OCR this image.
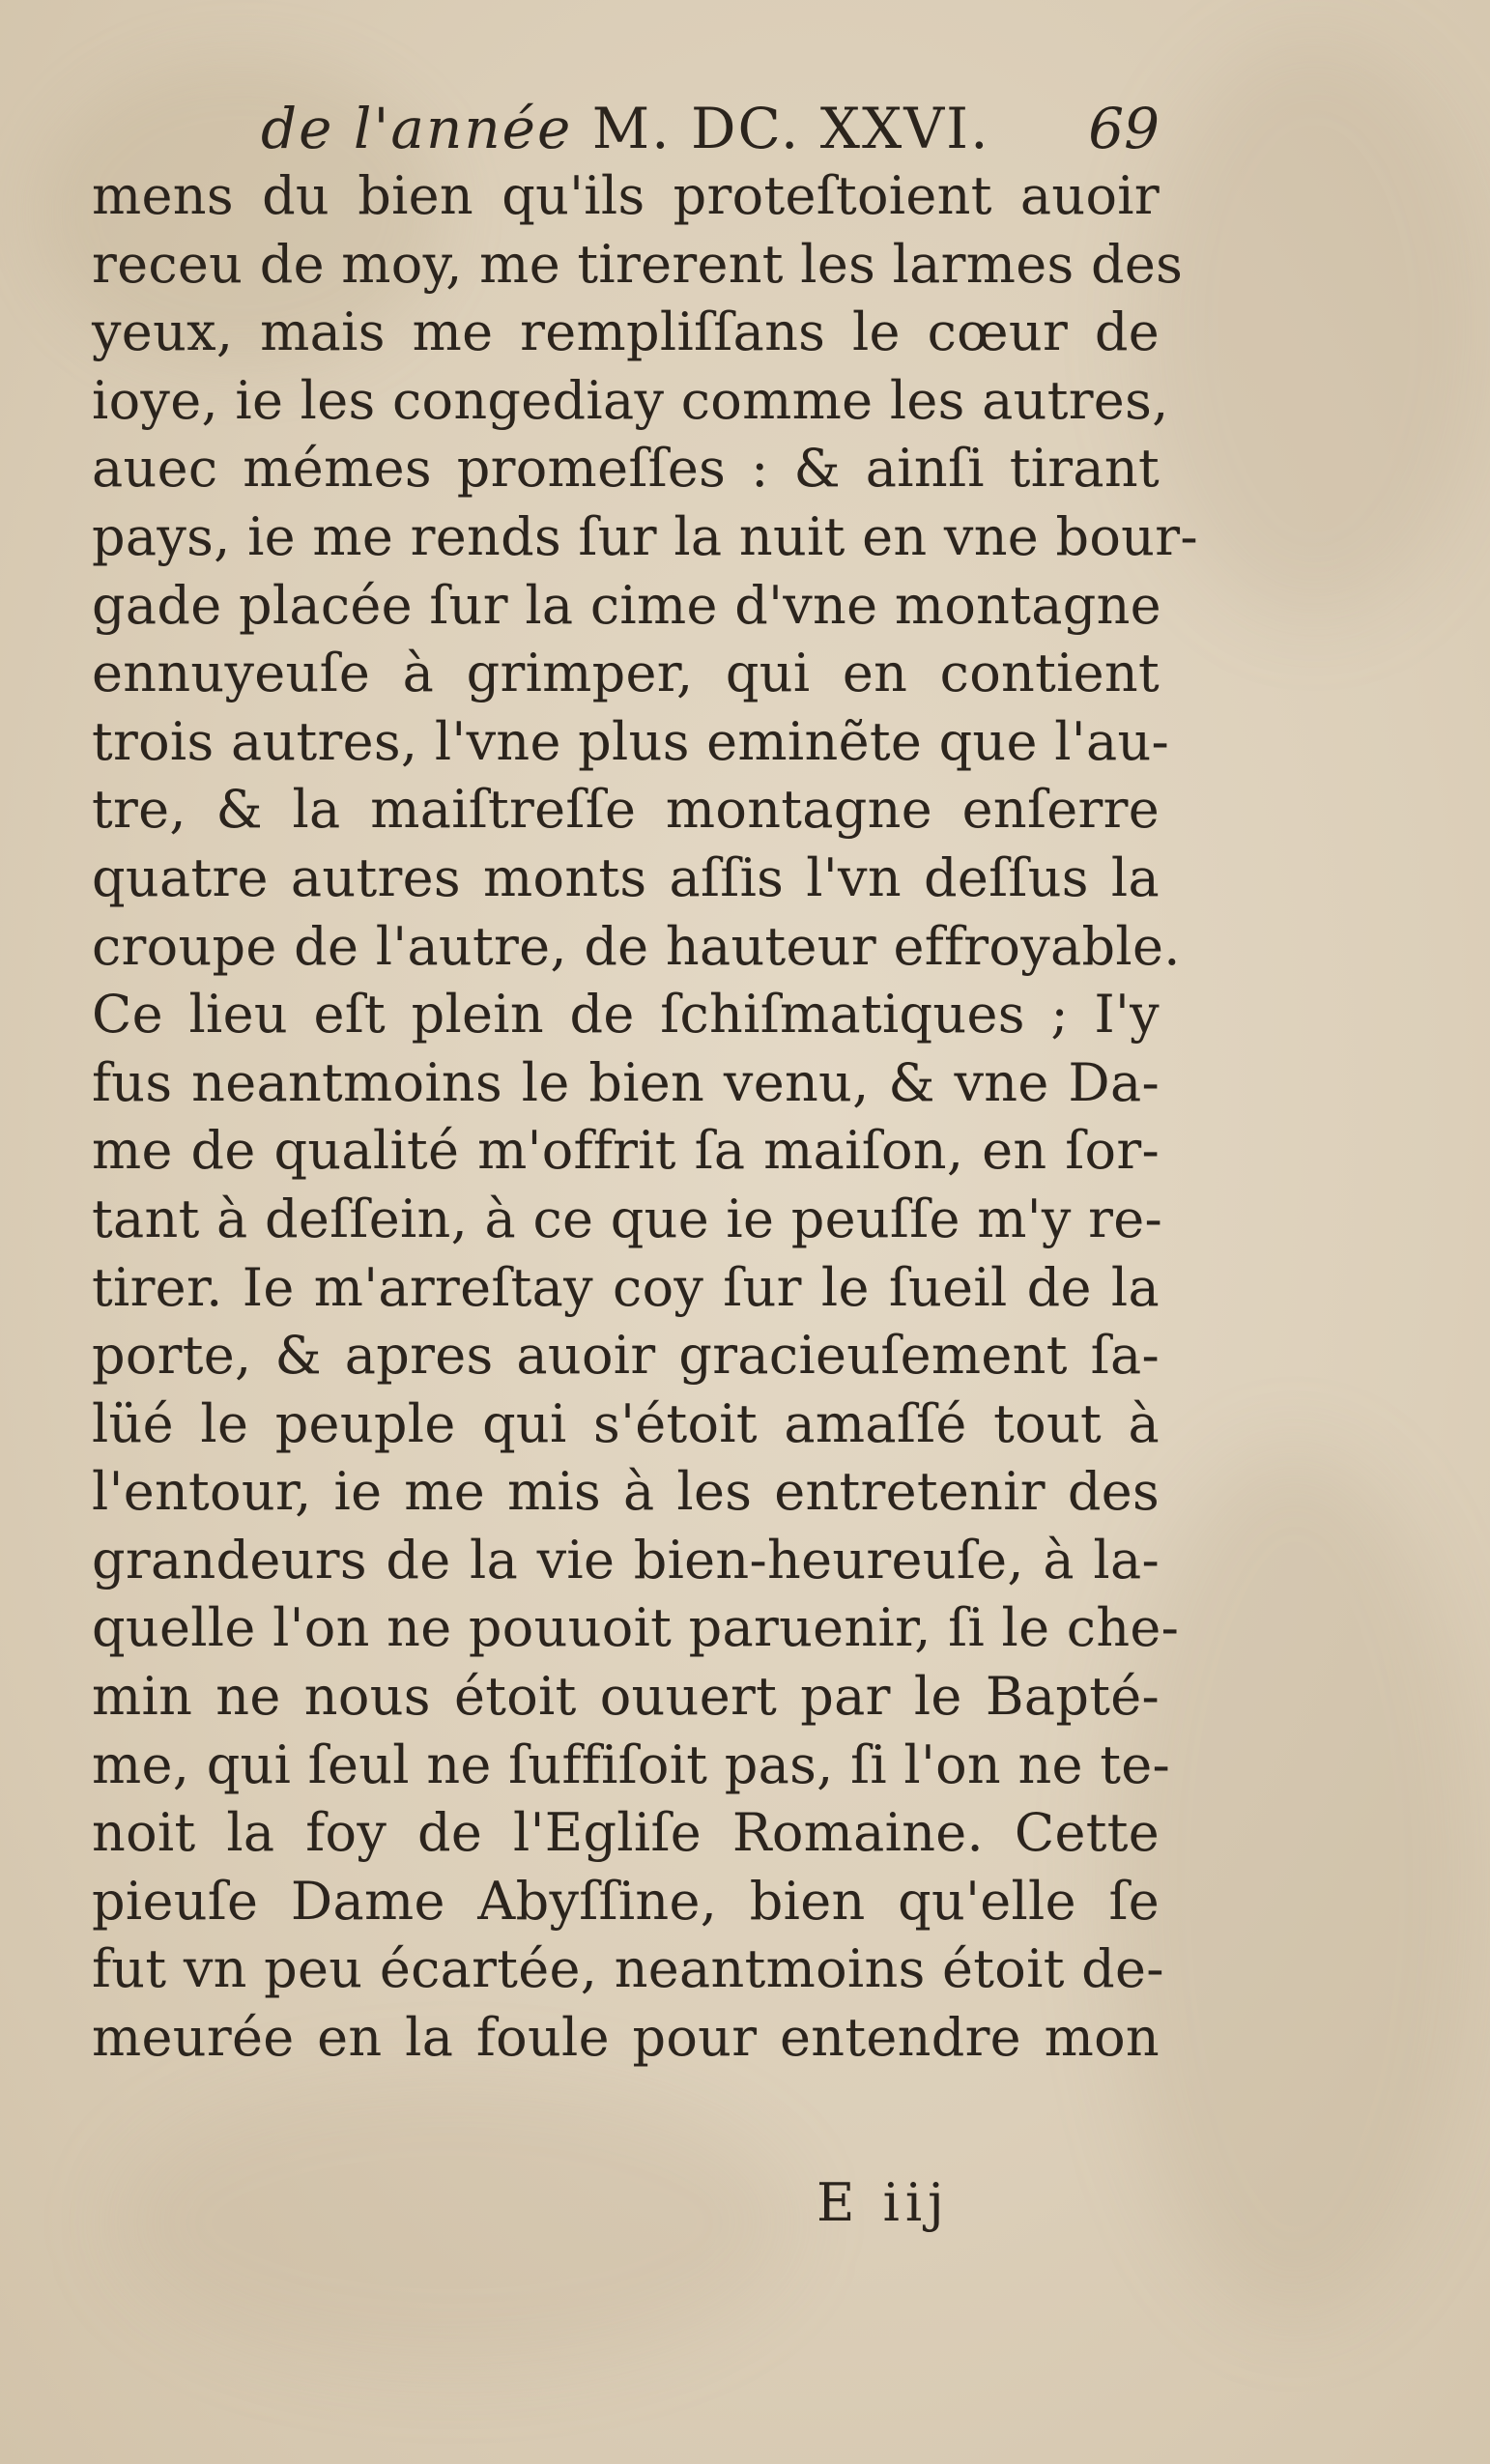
de l'année M. DC. XXVI. 69
mens du bien qu'ils proteſtoient auoir
receu de moy, me tirerent les larmes des
yeux, mais me rempliſſans le cœur de
ioye, ie les congediay comme les autres,
auec mémes promeſſes : & ainſi tirant
pays, ie me rends ſur la nuit en vne bour-
gade placée ſur la cime d'vne montagne
ennuyeuſe à grimper, qui en contient
trois autres, l'vne plus eminẽte que l'au-
tre, & la maiſtreſſe montagne enſerre
quatre autres monts aſſis l'vn deſſus la
croupe de l'autre, de hauteur effroyable.
Ce lieu eſt plein de ſchiſmatiques ; I'y
fus neantmoins le bien venu, & vne Da-
me de qualité m'offrit ſa maiſon, en ſor-
tant à deſſein, à ce que ie peuſſe m'y re-
tirer. Ie m'arreſtay coy ſur le ſueil de la
porte, & apres auoir gracieuſement ſa-
lüé le peuple qui s'étoit amaſſé tout à
l'entour, ie me mis à les entretenir des
grandeurs de la vie bien-heureuſe, à la-
quelle l'on ne pouuoit paruenir, ſi le che-
min ne nous étoit ouuert par le Bapté-
me, qui ſeul ne ſuffiſoit pas, ſi l'on ne te-
noit la foy de l'Egliſe Romaine. Cette
pieuſe Dame Abyſſine, bien qu'elle ſe
fut vn peu écartée, neantmoins étoit de-
meurée en la foule pour entendre mon
E iij
